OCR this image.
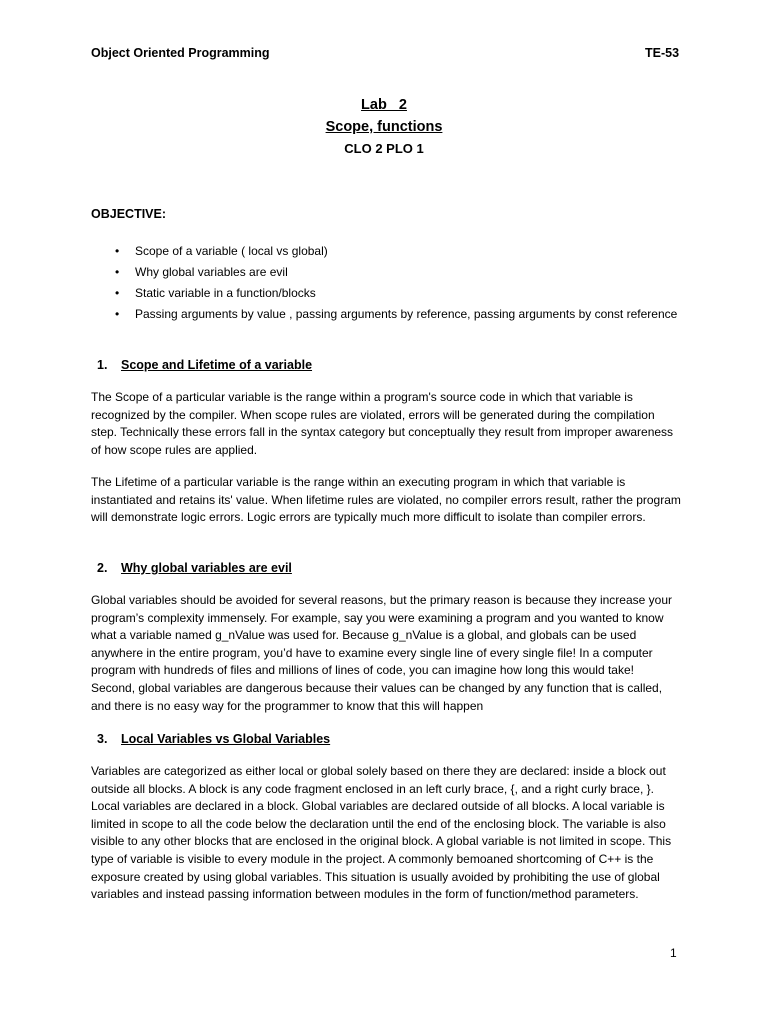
Object Oriented Programming	TE-53
Lab   2
Scope, functions
CLO 2 PLO 1
OBJECTIVE:
• Scope of a variable ( local vs global)
• Why global variables are evil
• Static variable in a function/blocks
• Passing arguments by value , passing arguments by reference, passing arguments by const reference
1. Scope and Lifetime of a variable

The Scope of a particular variable is the range within a program's source code in which that variable is recognized by the compiler. When scope rules are violated, errors will be generated during the compilation step. Technically these errors fall in the syntax category but conceptually they result from improper awareness of how scope rules are applied.

The Lifetime of a particular variable is the range within an executing program in which that variable is instantiated and retains its' value. When lifetime rules are violated, no compiler errors result, rather the program will demonstrate logic errors. Logic errors are typically much more difficult to isolate than compiler errors.

2. Why global variables are evil

Global variables should be avoided for several reasons, but the primary reason is because they increase your program’s complexity immensely. For example, say you were examining a program and you wanted to know what a variable named g_nValue was used for. Because g_nValue is a global, and globals can be used anywhere in the entire program, you’d have to examine every single line of every single file! In a computer program with hundreds of files and millions of lines of code, you can imagine how long this would take! Second, global variables are dangerous because their values can be changed by any function that is called, and there is no easy way for the programmer to know that this will happen

3. Local Variables vs Global Variables

Variables are categorized as either local or global solely based on there they are declared: inside a block out outside all blocks. A block is any code fragment enclosed in an left curly brace, {, and a right curly brace, }. Local variables are declared in a block. Global variables are declared outside of all blocks. A local variable is limited in scope to all the code below the declaration until the end of the enclosing block. The variable is also visible to any other blocks that are enclosed in the original block. A global variable is not limited in scope. This type of variable is visible to every module in the project. A commonly bemoaned shortcoming of C++ is the exposure created by using global variables. This situation is usually avoided by prohibiting the use of global variables and instead passing information between modules in the form of function/method parameters.

1
